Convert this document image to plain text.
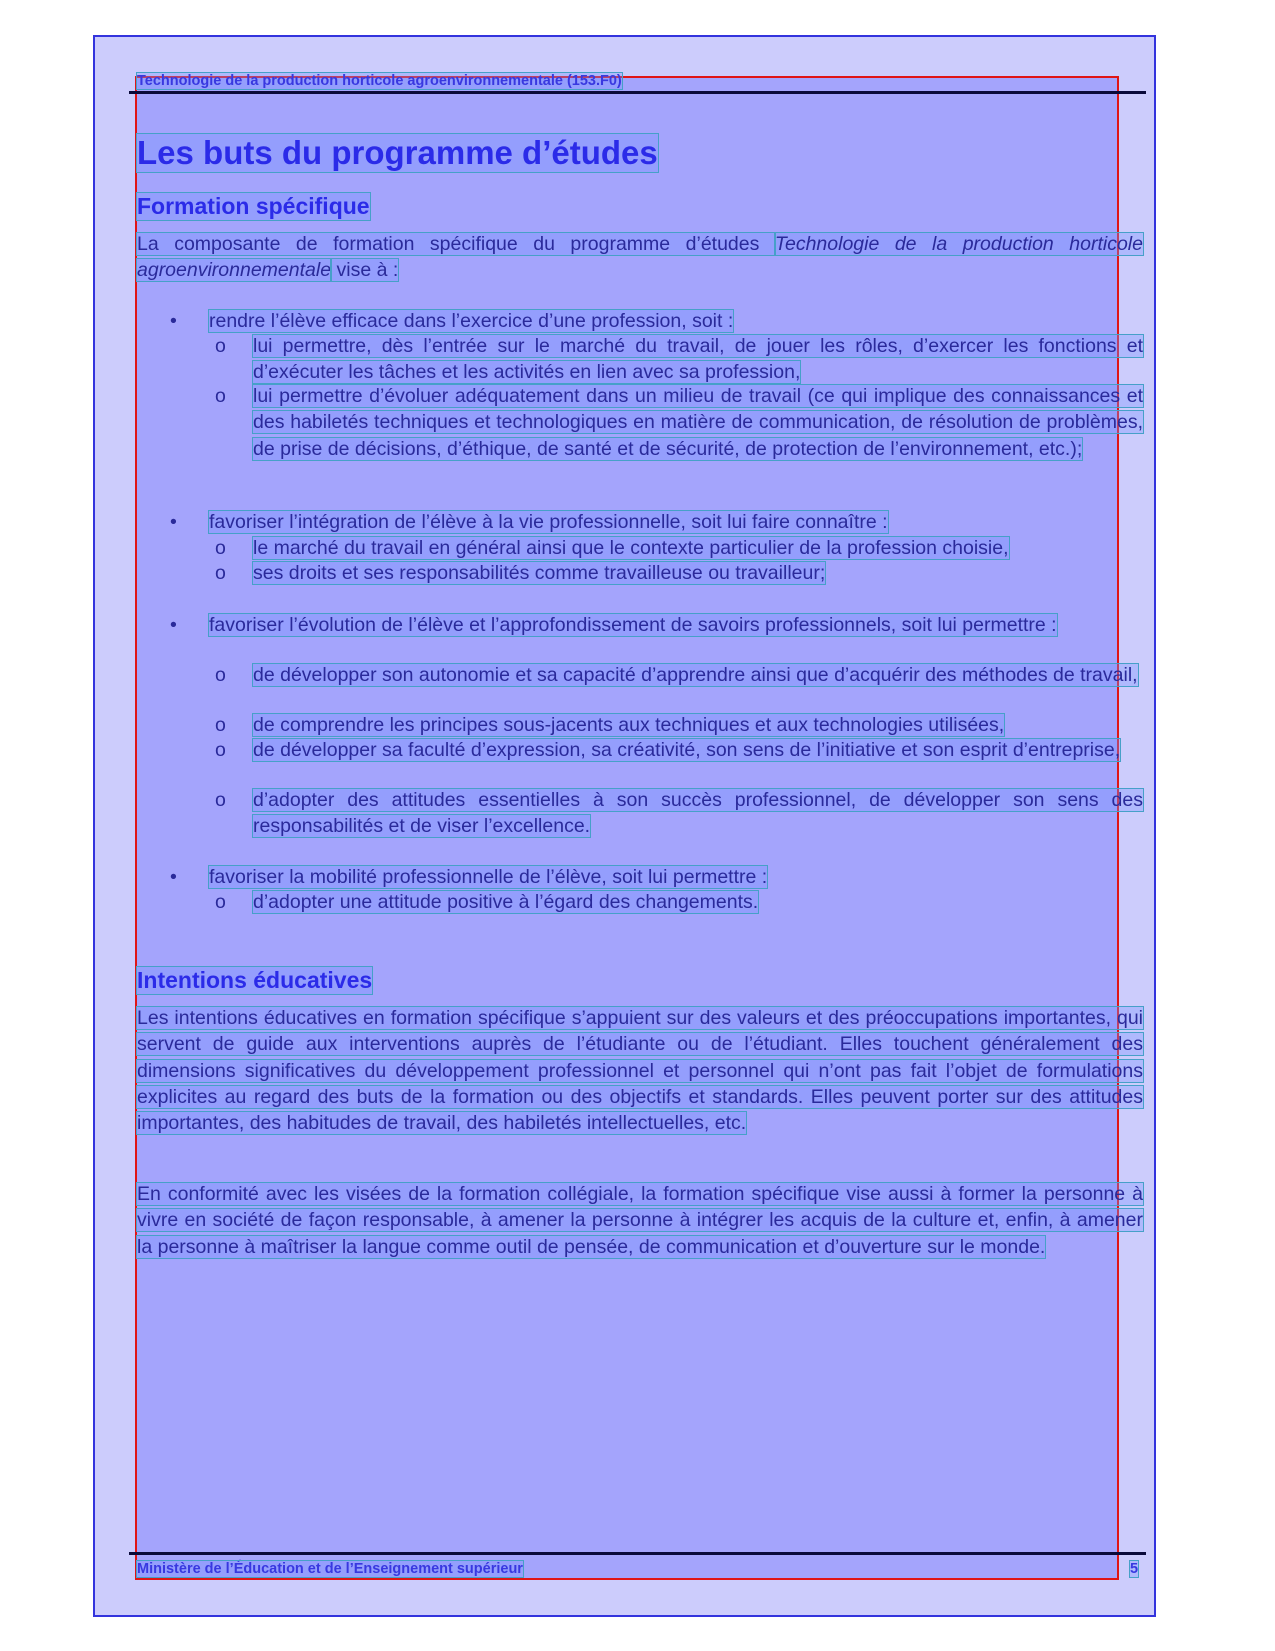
Technologie de la production horticole agroenvironnementale (153.F0)
Les buts du programme d’études
Formation spécifique
La composante de formation spécifique du programme d’études Technologie de la production horticole agroenvironnementale vise à :
•	rendre l’élève efficace dans l’exercice d’une profession, soit :
o	lui permettre, dès l’entrée sur le marché du travail, de jouer les rôles, d’exercer les fonctions et d’exécuter les tâches et les activités en lien avec sa profession,
o	lui permettre d’évoluer adéquatement dans un milieu de travail (ce qui implique des connaissances et des habiletés techniques et technologiques en matière de communication, de résolution de problèmes, de prise de décisions, d’éthique, de santé et de sécurité, de protection de l’environnement, etc.);
•	favoriser l’intégration de l’élève à la vie professionnelle, soit lui faire connaître :
o	le marché du travail en général ainsi que le contexte particulier de la profession choisie,
o	ses droits et ses responsabilités comme travailleuse ou travailleur;
•	favoriser l’évolution de l’élève et l’approfondissement de savoirs professionnels, soit lui permettre :
o	de développer son autonomie et sa capacité d’apprendre ainsi que d’acquérir des méthodes de travail,
o	de comprendre les principes sous-jacents aux techniques et aux technologies utilisées,
o	de développer sa faculté d’expression, sa créativité, son sens de l’initiative et son esprit d’entreprise,
o	d’adopter des attitudes essentielles à son succès professionnel, de développer son sens des responsabilités et de viser l’excellence.
•	favoriser la mobilité professionnelle de l’élève, soit lui permettre :
o	d’adopter une attitude positive à l’égard des changements.
Intentions éducatives
Les intentions éducatives en formation spécifique s’appuient sur des valeurs et des préoccupations importantes, qui servent de guide aux interventions auprès de l’étudiante ou de l’étudiant. Elles touchent généralement des dimensions significatives du développement professionnel et personnel qui n’ont pas fait l’objet de formulations explicites au regard des buts de la formation ou des objectifs et standards. Elles peuvent porter sur des attitudes importantes, des habitudes de travail, des habiletés intellectuelles, etc.
En conformité avec les visées de la formation collégiale, la formation spécifique vise aussi à former la personne à vivre en société de façon responsable, à amener la personne à intégrer les acquis de la culture et, enfin, à amener la personne à maîtriser la langue comme outil de pensée, de communication et d’ouverture sur le monde.
Ministère de l’Éducation et de l’Enseignement supérieur	5
